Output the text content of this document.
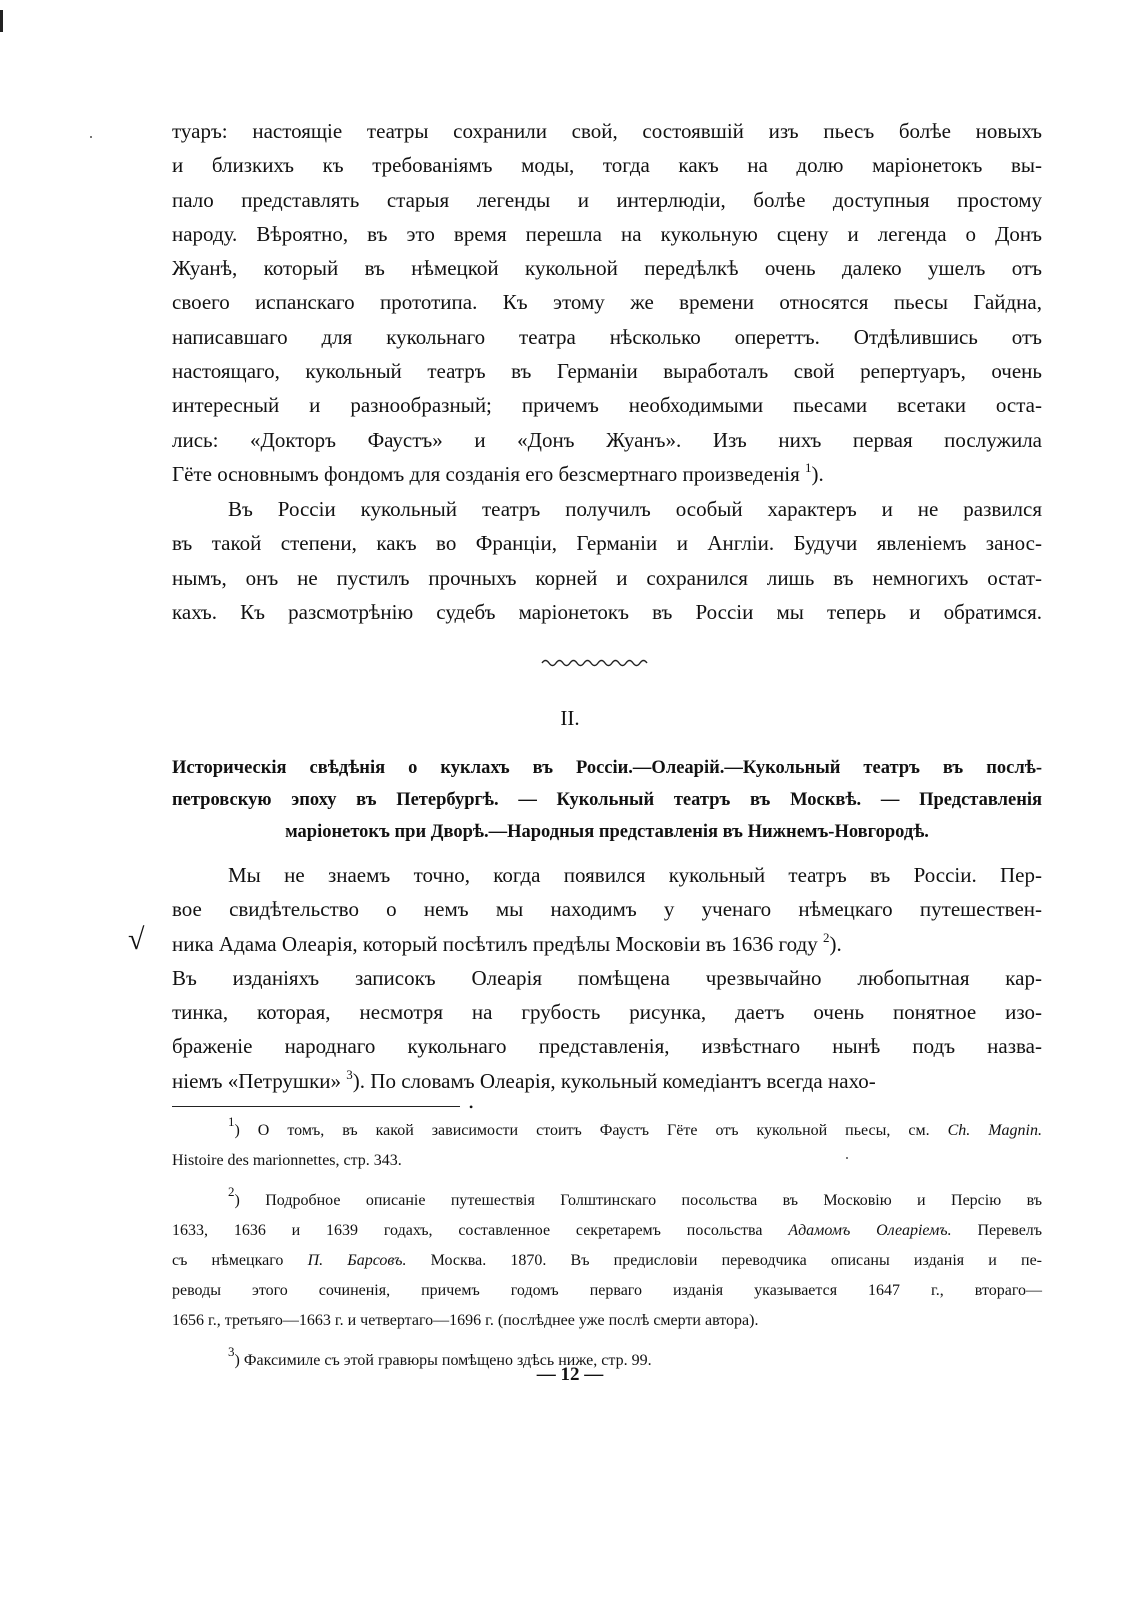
туаръ: настоящіе театры сохранили свой, состоявшій изъ пьесъ болѣе новыхъ
и близкихъ къ требованіямъ моды, тогда какъ на долю маріонетокъ вы-
пало представлять старыя легенды и интерлюдіи, болѣе доступныя простому
народу. Вѣроятно, въ это время перешла на кукольную сцену и легенда о Донъ
Жуанѣ, который въ нѣмецкой кукольной передѣлкѣ очень далеко ушелъ отъ
своего испанскаго прототипа. Къ этому же времени относятся пьесы Гайдна,
написавшаго для кукольнаго театра нѣсколько опереттъ. Отдѣлившись отъ
настоящаго, кукольный театръ въ Германіи выработалъ свой репертуаръ, очень
интересный и разнообразный; причемъ необходимыми пьесами всетаки оста-
лись: «Докторъ Фаустъ» и «Донъ Жуанъ». Изъ нихъ первая послужила
Гёте основнымъ фондомъ для созданія его безсмертнаго произведенія $^1$).
Въ Россіи кукольный театръ получилъ особый характеръ и не развился
въ такой степени, какъ во Франціи, Германіи и Англіи. Будучи явленіемъ занос-
нымъ, онъ не пустилъ прочныхъ корней и сохранился лишь въ немногихъ остат-
кахъ. Къ разсмотрѣнію судебъ маріонетокъ въ Россіи мы теперь и обратимся.
II.
Историческія свѣдѣнія о куклахъ въ Россіи.—Олеарій.—Кукольный театръ въ послѣ-
петровскую эпоху въ Петербургѣ. — Кукольный театръ въ Москвѣ. — Представленія
маріонетокъ при Дворѣ.—Народныя представленія въ Нижнемъ-Новгородѣ.
Мы не знаемъ точно, когда появился кукольный театръ въ Россіи. Пер-
вое свидѣтельство о немъ мы находимъ у ученаго нѣмецкаго путешествен-
ника Адама Олеарія, который посѣтилъ предѣлы Московіи въ 1636 году $^2$).
Въ изданіяхъ записокъ Олеарія помѣщена чрезвычайно любопытная кар-
тинка, которая, несмотря на грубость рисунка, даетъ очень понятное изо-
браженіе народнаго кукольнаго представленія, извѣстнаго нынѣ подъ назва-
ніемъ «Петрушки» $^3$). По словамъ Олеарія, кукольный комедіантъ всегда нахо-
√
•
$^1$) О томъ, въ какой зависимости стоитъ Фаустъ Гёте отъ кукольной пьесы, см. Ch. Magnin.
Histoire des marionnettes, стр. 343.
$^2$) Подробное описаніе путешествія Голштинскаго посольства въ Московію и Персію въ
1633, 1636 и 1639 годахъ, составленное секретаремъ посольства Адамомъ Олеаріемъ. Перевелъ
съ нѣмецкаго П. Барсовъ. Москва. 1870. Въ предисловіи переводчика описаны изданія и пе-
реводы этого сочиненія, причемъ годомъ перваго изданія указывается 1647 г., втораго—
1656 г., третьяго—1663 г. и четвертаго—1696 г. (послѣднее уже послѣ смерти автора).
$^3$) Факсимиле съ этой гравюры помѣщено здѣсь ниже, стр. 99.
— 12 —
